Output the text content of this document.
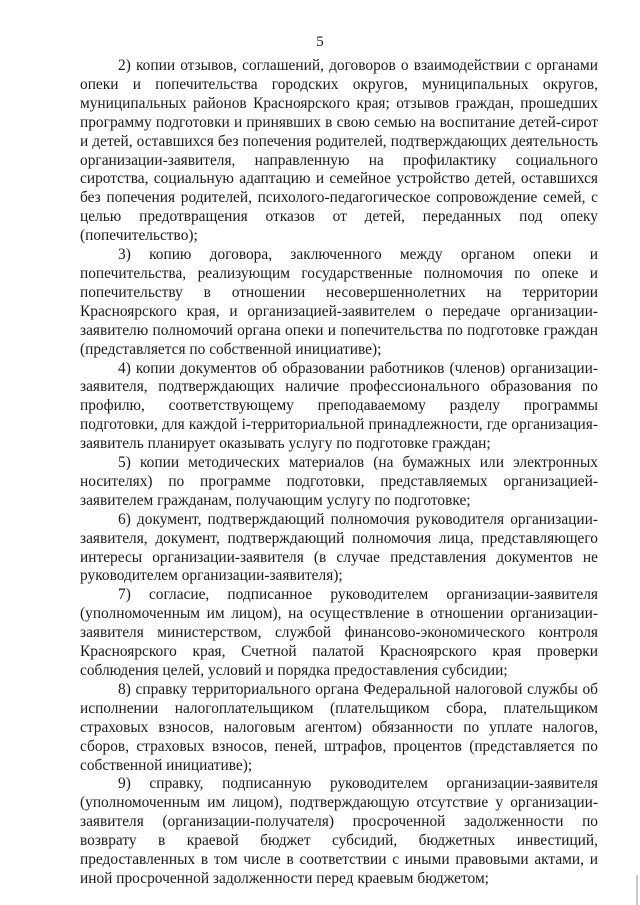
5

2) копии отзывов, соглашений, договоров о взаимодействии с органами опеки и попечительства городских округов, муниципальных округов, муниципальных районов Красноярского края; отзывов граждан, прошедших программу подготовки и принявших в свою семью на воспитание детей-сирот и детей, оставшихся без попечения родителей, подтверждающих деятельность организации-заявителя, направленную на профилактику социального сиротства, социальную адаптацию и семейное устройство детей, оставшихся без попечения родителей, психолого-педагогическое сопровождение семей, с целью предотвращения отказов от детей, переданных под опеку (попечительство);

3) копию договора, заключенного между органом опеки и попечительства, реализующим государственные полномочия по опеке и попечительству в отношении несовершеннолетних на территории Красноярского края, и организацией-заявителем о передаче организации-заявителю полномочий органа опеки и попечительства по подготовке граждан (представляется по собственной инициативе);

4) копии документов об образовании работников (членов) организации-заявителя, подтверждающих наличие профессионального образования по профилю, соответствующему преподаваемому разделу программы подготовки, для каждой i-территориальной принадлежности, где организация-заявитель планирует оказывать услугу по подготовке граждан;

5) копии методических материалов (на бумажных или электронных носителях) по программе подготовки, представляемых организацией-заявителем гражданам, получающим услугу по подготовке;

6) документ, подтверждающий полномочия руководителя организации-заявителя, документ, подтверждающий полномочия лица, представляющего интересы организации-заявителя (в случае представления документов не руководителем организации-заявителя);

7) согласие, подписанное руководителем организации-заявителя (уполномоченным им лицом), на осуществление в отношении организации-заявителя министерством, службой финансово-экономического контроля Красноярского края, Счетной палатой Красноярского края проверки соблюдения целей, условий и порядка предоставления субсидии;

8) справку территориального органа Федеральной налоговой службы об исполнении налогоплательщиком (плательщиком сбора, плательщиком страховых взносов, налоговым агентом) обязанности по уплате налогов, сборов, страховых взносов, пеней, штрафов, процентов (представляется по собственной инициативе);

9) справку, подписанную руководителем организации-заявителя (уполномоченным им лицом), подтверждающую отсутствие у организации-заявителя (организации-получателя) просроченной задолженности по возврату в краевой бюджет субсидий, бюджетных инвестиций, предоставленных в том числе в соответствии с иными правовыми актами, и иной просроченной задолженности перед краевым бюджетом;
